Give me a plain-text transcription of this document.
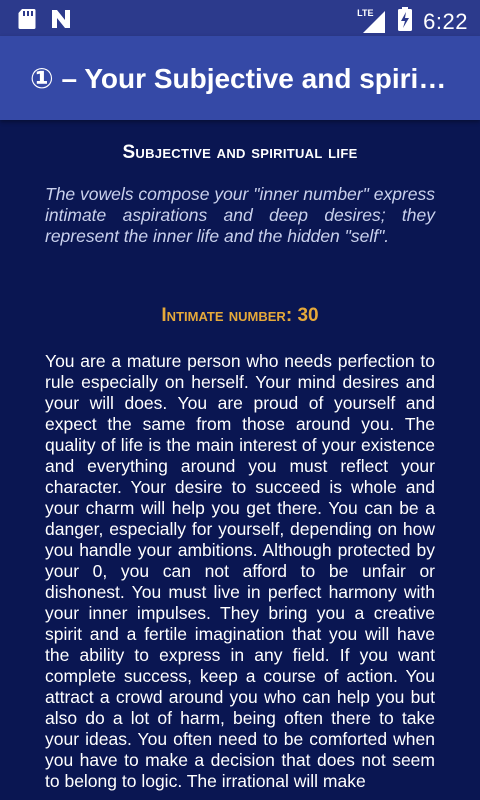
LTE 6:22
① – Your Subjective and spiri…
Subjective and spiritual life
The vowels compose your "inner number" express intimate aspirations and deep desires; they represent the inner life and the hidden "self".
Intimate number: 30
You are a mature person who needs perfection to rule especially on herself. Your mind desires and your will does. You are proud of yourself and expect the same from those around you. The quality of life is the main interest of your existence and everything around you must reflect your character. Your desire to succeed is whole and your charm will help you get there. You can be a danger, especially for yourself, depending on how you handle your ambitions. Although protected by your 0, you can not afford to be unfair or dishonest. You must live in perfect harmony with your inner impulses. They bring you a creative spirit and a fertile imagination that you will have the ability to express in any field. If you want complete success, keep a course of action. You attract a crowd around you who can help you but also do a lot of harm, being often there to take your ideas. You often need to be comforted when you have to make a decision that does not seem to belong to logic. The irrational will make
